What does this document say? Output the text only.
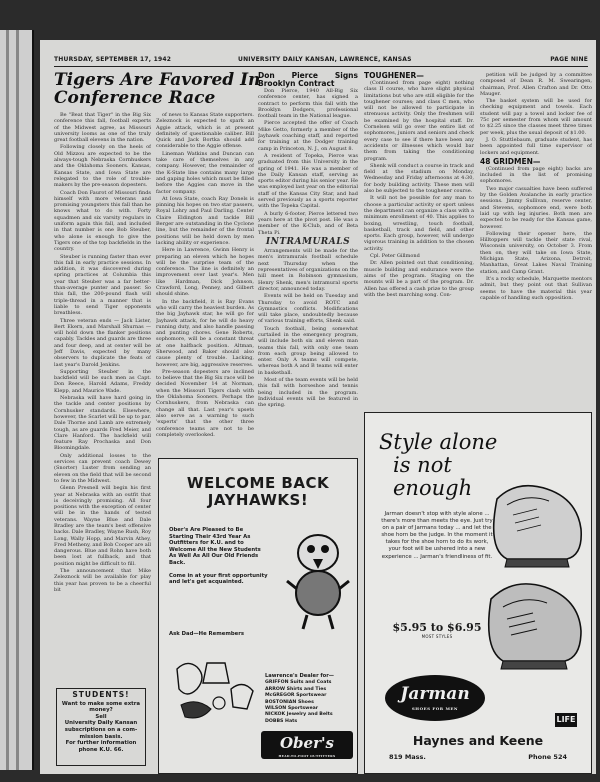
THURSDAY, SEPTEMBER 17, 1942	UNIVERSITY DAILY KANSAN, LAWRENCE, KANSAS	PAGE NINE
Tigers Are Favored In Conference Race

Be "Beat that Tiger" in the Big Six conference this fall, football experts of the Midwest agree, as Missouri university looms as one of the truly great football elevens in the nation.

Following closely on the heels of Old Mizzou are expected to be the always-tough Nebraska Cornhuskers and the Oklahoma Sooners. Kansas, Kansas State, and Iowa State are relegated to the role of trouble-makers by the pre-season dopesters.

Coach Don Faurot of Missouri finds himself with more veterans and promising youngsters this fall than he knows what to do with. Forty squadmen and six varsity regulars in uniform again this fall, and included in that number is one Bob Steuber, who alone is enough to give the Tigers one of the top backfields in the country.

Steuber is running faster than ever this fall in early practice sessions. In addition, it was discovered during spring practices at Columbia this year that Steuber was a far better-than-average punter and passer. So this fall, the 200-pound flash will triple-thread in a manner that is liable to send Tiger opponents breathless.

Three veteran ends — Jack Lister, Bert Ekern, and Marshall Shurnas — will hold down the flanker positions capably. Tackles and guards are three and four deep, and at center will be Jeff Davis, expected by many observers to duplicate the feats of last year's Darold Jenkins.

Supporting Steuber in the backfield will be such men as Capt. Don Reece, Harold Adams, Freddy Klepp, and Maurice Wade.

Nebraska will have hard going in the tackle and center positions by Cornhusker standards. Elsewhere, however, the Scarlet will be up to par. Dale Thorne and Lamb are extremely tough, as are guards Fred Meier, and Clare Hanford. The backfield will feature Ray Prochaska and Don Bloomingdale.

Only additional losses to the services can prevent coach Dewey (Snorter) Luster from sending an eleven on the field that will be second to few in the Midwest.

Glenn Presnell will begin his first year at Nebraska with an outfit that is deceivingly promising. All four positions with the exception of center will be in the hands of tested veterans. Wayne Blue and Dale Bradley are the team's best offensive backs. Dale Bradley, Wayne Rush, Roy Long, Wally Hopp, and Marvin Athey, Fred Metheny, and Bob Cooper are all dangerous. Blue and Rohn have both been lost at fullback, and that position might be difficult to fill.

The announcement that Mike Zeleznock will be available for play this year has proven to be a cheerful bit

of news to Kansas State supporters. Zeleznock is expected to spark an Aggie attack, which is at present definitely of questionable caliber. Bill Quick and Jack Bortka should add considerable to the Aggie offense.

Lineman Watkins and Duncan can take care of themselves in any company. However, the remainder of the K-State line contains many large and gaping holes which must be filled before the Aggies can move in the factor company.

At Iowa State, coach Ray Donels is pinning his hopes on two star passers, Royal Lohry and Paul Darling. Center Claire Eldington and tackle Bill Berger are outstanding in the Cyclone line, but the remainder of the frontal positions will be held down by men lacking ability or experience.

Here in Lawrence, Gwinn Henry is preparing an eleven which he hopes will be the surprise team of the conference. The line is definitely an improvement over last year's. Men like Hardman, Dick Johnson, Crawford, Long, Penney, and Gilbert should shine.

In the backfield, it is Ray Evans who will carry the heaviest burden. As the big Jayhawk star, he will go for Jayhawk attack, for he will do heavy running duty, and also handle passing and punting chores. Gene Roberts, sophomore, will be a constant threat at one halfback position. Altman, Sherwood, and Baker should also cause plenty of trouble. Lacking, however, are big, aggressive reserves.

Pre-season dopesters are inclined to believe that the Big Six race will be decided November 14 at Norman, when the Missouri Tigers clash with the Oklahoma Sooners. Perhaps the Cornhuskers, from Nebraska can change all that. Last year's upsets also serve as a warning to such 'experts' that the other three conference teams are not to be completely overlooked.

Don Pierce Signs Brooklyn Contract

Don Pierce, 1940 All-Big Six conference center, has signed a contract to perform this fall with the Brooklyn Dodgers, professional football team in the National league.

Pierce accepted the offer of Coach Mike Getto, formerly a member of the Jayhawk coaching staff, and reported for training at the Dodger training camp in Princeton, N. J., on August 8.

A resident of Topeka, Pierce was graduated from this University in the spring of 1941. He was a member of the Daily Kansan staff, serving as sports editor during his senior year. He was employed last year on the editorial staff of the Kansas City Star, and had served previously as a sports reporter with the Topeka Capital.

A burly 6-footer, Pierce lettered two years here at the pivot post. He was a member of the K-Club, and of Beta Theta Pi.

INTRAMURALS

Arrangements will be made for the men's intramurals football schedule next Thursday when the representatives of organizations on the hill meet in Robinson gymnasium, Henry Shenk, men's intramural sports director, announced today.

Events will be held on Tuesday and Thursday to avoid ROTC and Gymnastics conflicts. Modifications will take place, undoubtedly because of various training efforts, Shenk said.

Touch football, being somewhat curtailed in the emergency program, will include both six and eleven man teams this fall, with only one team from each group being allowed to enter. Only A teams will compete, whereas both A and B teams will enter in basketball.

Most of the team events will be held this fall with horseshoe and tennis being included in the program. Individual events will be featured in the spring.

TOUGHENER—

(Continued from page eight) nothing class II course, who have slight physical limitations but who are still eligible for the toughener courses; and class C men, who will not be allowed to participate in strenuous activity. Only the freshmen will be examined by the hospital staff. Dr. Cornelsen will go over the entire list of sophomores, juniors and seniors and check every case to see if there have been any accidents or illnesses which would bar them from taking the conditioning program.

Shenk will conduct a course in track and field at the stadium on Monday, Wednesday and Friday afternoons at 4:30, for body building activity. These men will also be subjected to the toughener course.

It will not be possible for any man to choose a particular activity or sport unless the department can organize a class with a minimum enrollment of 40. This applies to boxing, wrestling, touch football, basketball, track and field, and other sports. Each group, however, will undergo vigorous training in addition to the chosen activity.

Cpl. Peter Gillmond

Dr. Allen pointed out that conditioning, muscle building and endurance were the aims of the program. Staging on the mounts will be a part of the program. Dr. Allen has offered a cash prize to the group with the best marching song. Con-

petition will be judged by a committee composed of Dean R. M. Swearingen, chairman, Prof. Allen Crafton and Dr. Otto Mauger.

The basket system will be used for checking equipment and towels. Each student will pay a towel and locker fee of 75c per semester from whom will amount to $2.25 since the classes meet three times per week, plus the usual deposit of $1.00.

J. O. Stuttlebaum, graduate student, has been appointed full time supervisor of lockers and equipment.

48 GRIDMEN—

(Continued from page eight) backs are included in the list of promising sophomores.

Two major casualties have been suffered by the Golden Avalanche in early practice sessions. Jimmy Sullivan, reserve center, and Stevens, sophomore end, were both laid up with leg injuries. Both men are expected to be ready for the Kansas game, however.

Following their opener here, the Hilltoppers will tackle their state rival, Wisconsin university, on October 3. From then on, they will take on Iowa State, Michigan State, Arizona, Detroit, Manhattan, Great Lakes Naval Training station, and Camp Grant.

It's a rocky schedule, Marquette mentors admit, but they point out that Sullivan seems to have the material this year capable of handling such opposition.

STUDENTS!
Want to make some extra money?
Sell
University Daily Kansan
subscriptions on a com-
mission basis.
For further information
phone K.U. 66.
WELCOME BACK
JAYHAWKS!
Ober's Are Pleased to Be Starting Their 43rd Year As Outfitters for K.U. and to Welcome All the New Students As Well As All Our Old Friends Back.
Come in at your first opportunity and let's get acquainted.
Ask Dad—He Remembers
Lawrence's Dealer for—
GRIFFON Suits and Coats
ARROW Shirts and Ties
McGREGOR Sportswear
BOSTONIAN Shoes
WILSON Sportswear
NICKOK Jewelry and Belts
DOBBS Hats
Ober's
HEAD-TO-FOOT OUTFITTERS
Style alone
is not enough
Jarman doesn't stop with style alone ... there's more than meets the eye. Just try on a pair of Jarmans today ... and let the shoe horn be the judge. In the moment it takes for the shoe horn to do its work, your foot will be ushered into a new experience ... Jarman's friendliness of fit.
$5.95 to $6.95
MOST STYLES
Jarman
SHOES FOR MEN
LIFE
Haynes and Keene
819 Mass.	Phone 524
